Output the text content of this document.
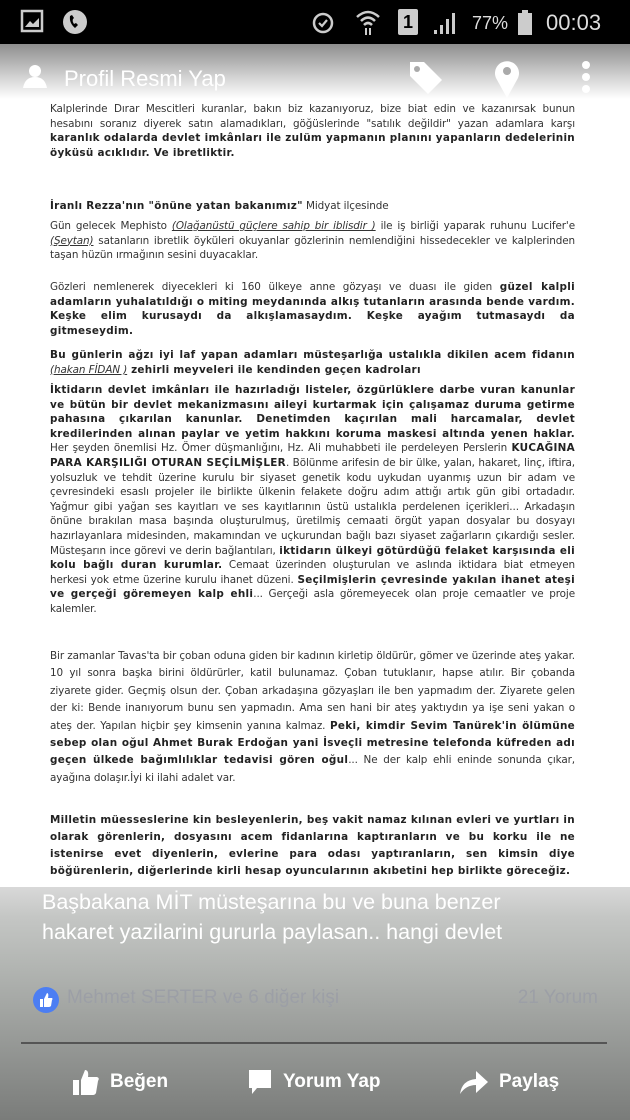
1	77% 00:03
Kalplerinde Dırar Mescitleri kuranlar, bakın biz kazanıyoruz, bize biat edin ve kazanırsak bunun hesabını soranız diyerek satın alamadıkları, göğüslerinde "satılık değildir" yazan adamlara karşı karanlık odalarda devlet imkânları ile zulüm yapmanın planını yapanların dedelerinin öyküsü acıklıdır. Ve ibretliktir.
İranlı Rezza'nın "önüne yatan bakanımız" Midyat ilçesinde
Gün gelecek Mephisto (Olağanüstü güçlere sahip bir iblisdir ) ile iş birliği yaparak ruhunu Lucifer'e (Şeytan) satanların ibretlik öyküleri okuyanlar gözlerinin nemlendiğini hissedecekler ve kalplerinden taşan hüzün ırmağının sesini duyacaklar.
Gözleri nemlenerek diyecekleri ki 160 ülkeye anne gözyaşı ve duası ile giden güzel kalpli adamların yuhalatıldığı o miting meydanında alkış tutanların arasında bende vardım. Keşke elim kurusaydı da alkışlamasaydım. Keşke ayağım tutmasaydı da gitmeseydim.
Bu günlerin ağzı iyi laf yapan adamları müsteşarlığa ustalıkla dikilen acem fidanın (hakan FİDAN ) zehirli meyveleri ile kendinden geçen kadroları
İktidarın devlet imkânları ile hazırladığı listeler, özgürlüklere darbe vuran kanunlar ve bütün bir devlet mekanizmasını aileyi kurtarmak için çalışamaz duruma getirme pahasına çıkarılan kanunlar. Denetimden kaçırılan mali harcamalar, devlet kredilerinden alınan paylar ve yetim hakkını koruma maskesi altında yenen haklar. Her şeyden önemlisi Hz. Ömer düşmanlığını, Hz. Ali muhabbeti ile perdeleyen Perslerin KUCAĞINA PARA KARŞILIĞI OTURAN SEÇİLMİŞLER. Bölünme arifesin de bir ülke, yalan, hakaret, linç, iftira, yolsuzluk ve tehdit üzerine kurulu bir siyaset genetik kodu uykudan uyanmış uzun bir adam ve çevresindeki esaslı projeler ile birlikte ülkenin felakete doğru adım attığı artık gün gibi ortadadır. Yağmur gibi yağan ses kayıtları ve ses kayıtlarının üstü ustalıkla perdelenen içerikleri... Arkadaşın önüne bırakılan masa başında oluşturulmuş, üretilmiş cemaati örgüt yapan dosyalar bu dosyayı hazırlayanlara midesinden, makamından ve uçkurundan bağlı bazı siyaset zağarların çıkardığı sesler. Müsteşarın ince görevi ve derin bağlantıları, iktidarın ülkeyi götürdüğü felaket karşısında eli kolu bağlı duran kurumlar. Cemaat üzerinden oluşturulan ve aslında iktidara biat etmeyen herkesi yok etme üzerine kurulu ihanet düzeni. Seçilmişlerin çevresinde yakılan ihanet ateşi ve gerçeği göremeyen kalp ehli... Gerçeği asla göremeyecek olan proje cemaatler ve proje kalemler.
Bir zamanlar Tavas'ta bir çoban oduna giden bir kadının kirletip öldürür, gömer ve üzerinde ateş yakar. 10 yıl sonra başka birini öldürürler, katil bulunamaz. Çoban tutuklanır, hapse atılır. Bir çobanda ziyarete gider. Geçmiş olsun der. Çoban arkadaşına gözyaşları ile ben yapmadım der. Ziyarete gelen der ki: Bende inanıyorum bunu sen yapmadın. Ama sen hani bir ateş yaktıydın ya işe seni yakan o ateş der. Yapılan hiçbir şey kimsenin yanına kalmaz. Peki, kimdir Sevim Tanürek'in ölümüne sebep olan oğul Ahmet Burak Erdoğan yani İsveçli metresine telefonda küfreden adı geçen ülkede bağımlılıklar tedavisi gören oğul... Ne der kalp ehli eninde sonunda çıkar, ayağına dolaşır.İyi ki ilahi adalet var.
Milletin müesseslerine kin besleyenlerin, beş vakit namaz kılınan evleri ve yurtları in olarak görenlerin, dosyasını acem fidanlarına kaptıranların ve bu korku ile ne istenirse evet diyenlerin, evlerine para odası yaptıranların, sen kimsin diye böğürenlerin, diğerlerinde kirli hesap oyuncularının akıbetini hep birlikte göreceğiz.
Profil Resmi Yap
Başbakana MİT müsteşarına bu ve buna benzer
hakaret yazilarini gururla paylasan.. hangi devlet
Mehmet SERTER ve 6 diğer kişi	21 Yorum
Beğen	Yorum Yap	Paylaş
